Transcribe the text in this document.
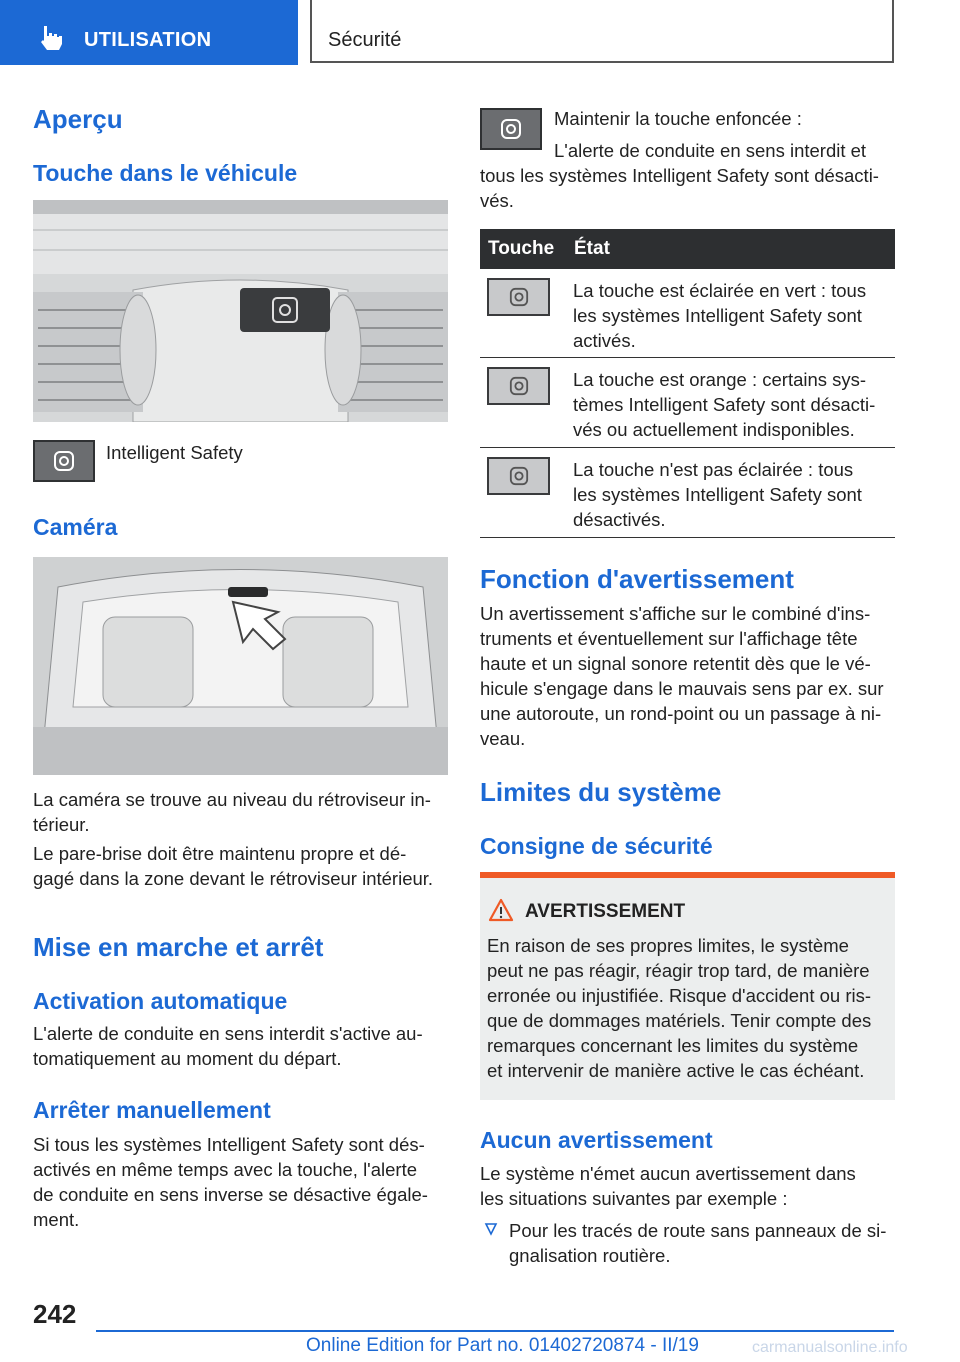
UTILISATION	Sécurité
Aperçu
Touche dans le véhicule
Intelligent Safety
Caméra
La caméra se trouve au niveau du rétroviseur in-
térieur.
Le pare-brise doit être maintenu propre et dé-
gagé dans la zone devant le rétroviseur intérieur.
Mise en marche et arrêt
Activation automatique
L'alerte de conduite en sens interdit s'active au-
tomatiquement au moment du départ.
Arrêter manuellement
Si tous les systèmes Intelligent Safety sont dés-
activés en même temps avec la touche, l'alerte
de conduite en sens inverse se désactive égale-
ment.
Maintenir la touche enfoncée :
L'alerte de conduite en sens interdit et
tous les systèmes Intelligent Safety sont désacti-
vés.
Touche État
La touche est éclairée en vert : tous
les systèmes Intelligent Safety sont
activés.
La touche est orange : certains sys-
tèmes Intelligent Safety sont désacti-
vés ou actuellement indisponibles.
La touche n'est pas éclairée : tous
les systèmes Intelligent Safety sont
désactivés.
Fonction d'avertissement
Un avertissement s'affiche sur le combiné d'ins-
truments et éventuellement sur l'affichage tête
haute et un signal sonore retentit dès que le vé-
hicule s'engage dans le mauvais sens par ex. sur
une autoroute, un rond-point ou un passage à ni-
veau.
Limites du système
Consigne de sécurité
AVERTISSEMENT
En raison de ses propres limites, le système
peut ne pas réagir, réagir trop tard, de manière
erronée ou injustifiée. Risque d'accident ou ris-
que de dommages matériels. Tenir compte des
remarques concernant les limites du système
et intervenir de manière active le cas échéant.
Aucun avertissement
Le système n'émet aucun avertissement dans
les situations suivantes par exemple :
Pour les tracés de route sans panneaux de si-
gnalisation routière.
242
Online Edition for Part no. 01402720874 - II/19	carmanualsonline.info
